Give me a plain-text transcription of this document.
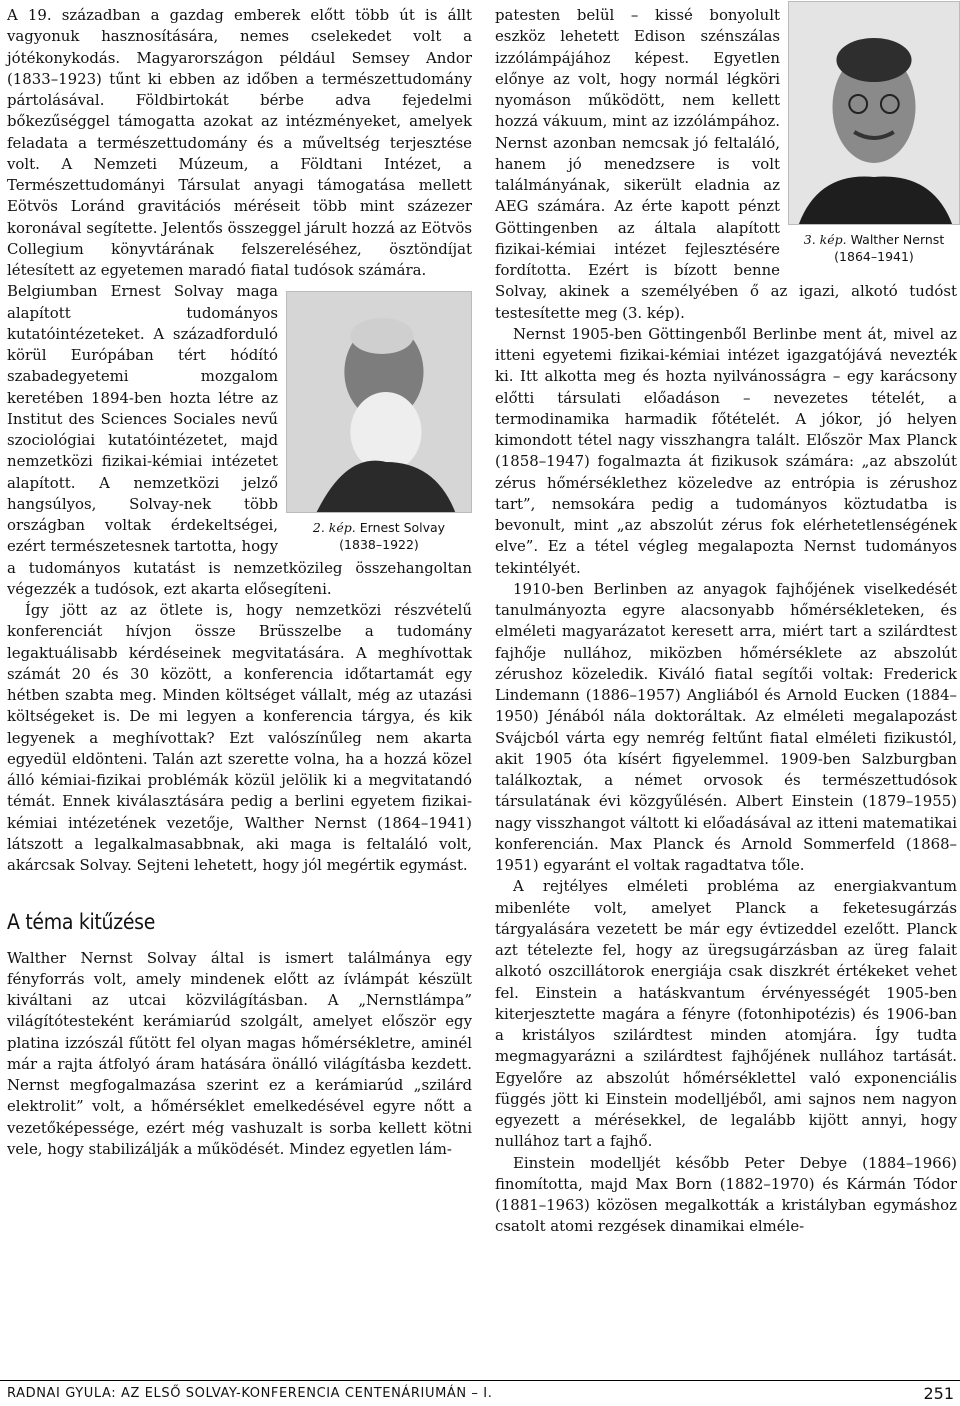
A 19. században a gazdag emberek előtt több út is állt vagyonuk hasznosítására, nemes cselekedet volt a jótékonykodás. Magyarországon például Semsey Andor (1833–1923) tűnt ki ebben az időben a természettudomány pártolásával. Földbirtokát bérbe adva fejedelmi bőkezűséggel támogatta azokat az intézményeket, amelyek feladata a természettudomány és a műveltség terjesztése volt. A Nemzeti Múzeum, a Földtani Intézet, a Természettudományi Társulat anyagi támogatása mellett Eötvös Loránd gravitációs méréseit több mint százezer koronával segítette. Jelentős összeggel járult hozzá az Eötvös Collegium könyvtárának felszereléséhez, ösztöndíjat létesített az egyetemen maradó fiatal tudósok számára.

2. kép. Ernest Solvay
(1838–1922)

Belgiumban Ernest Solvay maga alapított tudományos kutatóintézeteket. A századforduló körül Európában tért hódító szabadegyetemi mozgalom keretében 1894-ben hozta létre az Institut des Sciences Sociales nevű szociológiai kutatóintézetet, majd nemzetközi fizikai-kémiai intézetet alapított. A nemzetközi jelző hangsúlyos, Solvay-nek több országban voltak érdekeltségei, ezért természetesnek tartotta, hogy a tudományos kutatást is nemzetközileg összehangoltan végezzék a tudósok, ezt akarta elősegíteni.

Így jött az az ötlete is, hogy nemzetközi részvételű konferenciát hívjon össze Brüsszelbe a tudomány legaktuálisabb kérdéseinek megvitatására. A meghívottak számát 20 és 30 között, a konferencia időtartamát egy hétben szabta meg. Minden költséget vállalt, még az utazási költségeket is. De mi legyen a konferencia tárgya, és kik legyenek a meghívottak? Ezt valószínűleg nem akarta egyedül eldönteni. Talán azt szerette volna, ha a hozzá közel álló kémiai-fizikai problémák közül jelölik ki a megvitatandó témát. Ennek kiválasztására pedig a berlini egyetem fizikai-kémiai intézetének vezetője, Walther Nernst (1864–1941) látszott a legalkalmasabbnak, aki maga is feltaláló volt, akárcsak Solvay. Sejteni lehetett, hogy jól megértik egymást.

A téma kitűzése

Walther Nernst Solvay által is ismert találmánya egy fényforrás volt, amely mindenek előtt az ívlámpát készült kiváltani az utcai közvilágításban. A „Nernstlámpa” világítótesteként kerámiarúd szolgált, amelyet először egy platina izzószál fűtött fel olyan magas hőmérsékletre, aminél már a rajta átfolyó áram hatására önálló világításba kezdett. Nernst megfogalmazása szerint ez a kerámiarúd „szilárd elektrolit” volt, a hőmérséklet emelkedésével egyre nőtt a vezetőképessége, ezért még vashuzalt is sorba kellett kötni vele, hogy stabilizálják a működését. Mindez egyetlen lám-

3. kép. Walther Nernst
(1864–1941)

patesten belül – kissé bonyolult eszköz lehetett Edison szénszálas izzólámpájához képest. Egyetlen előnye az volt, hogy normál légköri nyomáson működött, nem kellett hozzá vákuum, mint az izzólámpához. Nernst azonban nemcsak jó feltaláló, hanem jó menedzsere is volt találmányának, sikerült eladnia az AEG számára. Az érte kapott pénzt Göttingenben az általa alapított fizikai-kémiai intézet fejlesztésére fordította. Ezért is bízott benne Solvay, akinek a személyében ő az igazi, alkotó tudóst testesítette meg (3. kép).

Nernst 1905-ben Göttingenből Berlinbe ment át, mivel az itteni egyetemi fizikai-kémiai intézet igazgatójává nevezték ki. Itt alkotta meg és hozta nyilvánosságra – egy karácsony előtti társulati előadáson – nevezetes tételét, a termodinamika harmadik főtételét. A jókor, jó helyen kimondott tétel nagy visszhangra talált. Először Max Planck (1858–1947) fogalmazta át fizikusok számára: „az abszolút zérus hőmérséklethez közeledve az entrópia is zérushoz tart”, nemsokára pedig a tudományos köztudatba is bevonult, mint „az abszolút zérus fok elérhetetlenségének elve”. Ez a tétel végleg megalapozta Nernst tudományos tekintélyét.

1910-ben Berlinben az anyagok fajhőjének viselkedését tanulmányozta egyre alacsonyabb hőmérsékleteken, és elméleti magyarázatot keresett arra, miért tart a szilárdtest fajhője nullához, miközben hőmérséklete az abszolút zérushoz közeledik. Kiváló fiatal segítői voltak: Frederick Lindemann (1886–1957) Angliából és Arnold Eucken (1884–1950) Jénából nála doktoráltak. Az elméleti megalapozást Svájcból várta egy nemrég feltűnt fiatal elméleti fizikustól, akit 1905 óta kísért figyelemmel. 1909-ben Salzburgban találkoztak, a német orvosok és természettudósok társulatának évi közgyűlésén. Albert Einstein (1879–1955) nagy visszhangot váltott ki előadásával az itteni matematikai konferencián. Max Planck és Arnold Sommerfeld (1868–1951) egyaránt el voltak ragadtatva tőle.

A rejtélyes elméleti probléma az energiakvantum mibenléte volt, amelyet Planck a feketesugárzás tárgyalására vezetett be már egy évtizeddel ezelőtt. Planck azt tételezte fel, hogy az üregsugárzásban az üreg falait alkotó oszcillátorok energiája csak diszkrét értékeket vehet fel. Einstein a hatáskvantum érvényességét 1905-ben kiterjesztette magára a fényre (fotonhipotézis) és 1906-ban a kristályos szilárdtest minden atomjára. Így tudta megmagyarázni a szilárdtest fajhőjének nullához tartását. Egyelőre az abszolút hőmérséklettel való exponenciális függés jött ki Einstein modelljéből, ami sajnos nem nagyon egyezett a mérésekkel, de legalább kijött annyi, hogy nullához tart a fajhő.

Einstein modelljét később Peter Debye (1884–1966) finomította, majd Max Born (1882–1970) és Kármán Tódor (1881–1963) közösen megalkották a kristályban egymáshoz csatolt atomi rezgések dinamikai elméle-

RADNAI GYULA: AZ ELSŐ SOLVAY-KONFERENCIA CENTENÁRIUMÁN – I.	251
